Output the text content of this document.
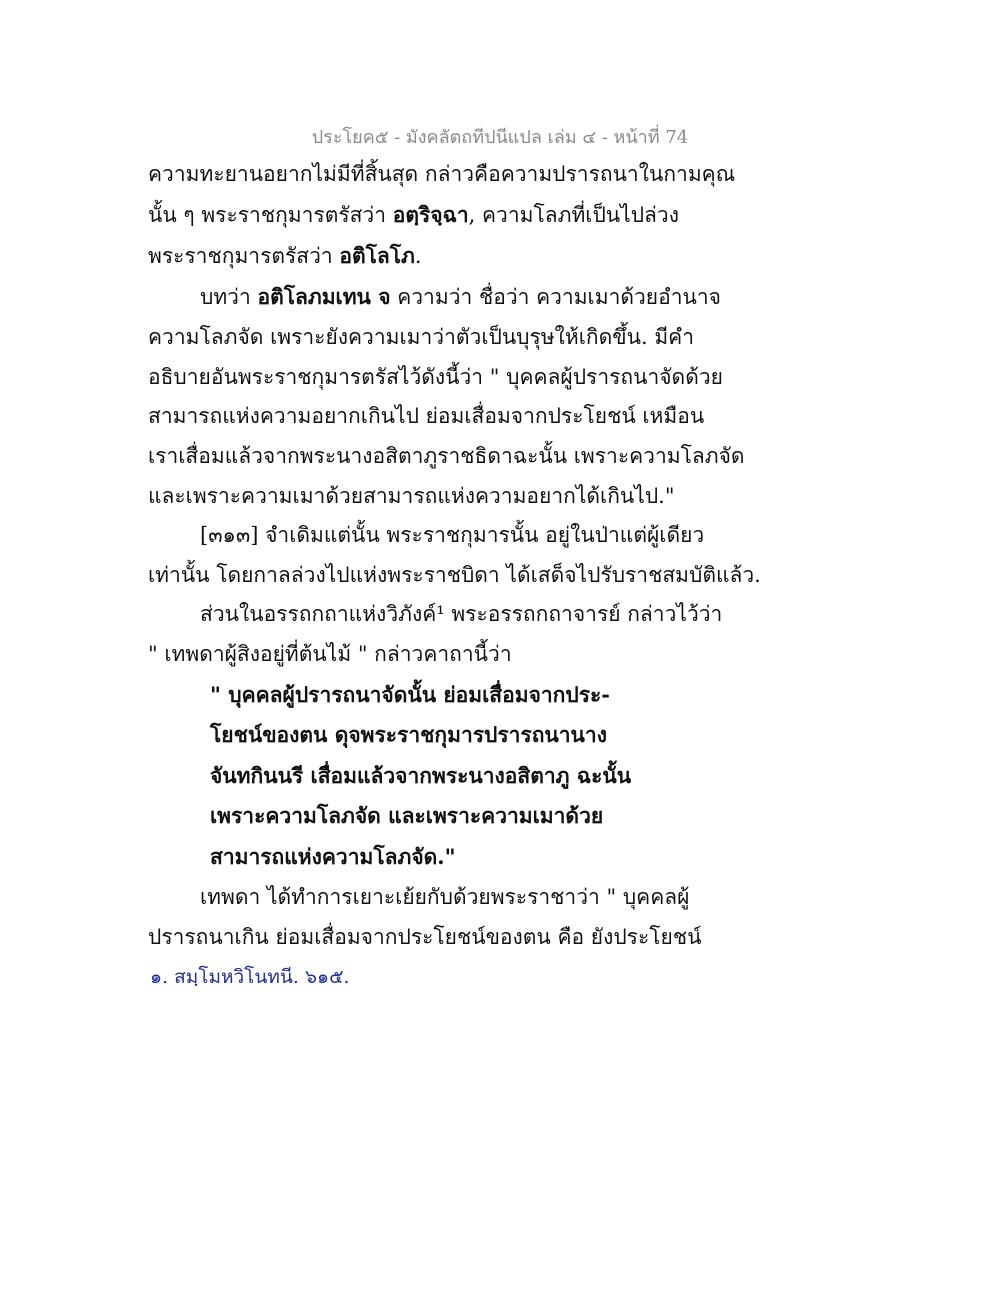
ประโยค๕ - มังคลัตถทีปนีแปล เล่ม ๔ - หน้าที่ 74
ความทะยานอยากไม่มีที่สิ้นสุด กล่าวคือความปรารถนาในกามคุณ
นั้น ๆ พระราชกุมารตรัสว่า อตฺริจฺฉา, ความโลภที่เป็นไปล่วง
พระราชกุมารตรัสว่า อติโลโภ.
บทว่า อติโลภมเทน จ ความว่า ชื่อว่า ความเมาด้วยอำนาจ
ความโลภจัด เพราะยังความเมาว่าตัวเป็นบุรุษให้เกิดขึ้น. มีคำ
อธิบายอันพระราชกุมารตรัสไว้ดังนี้ว่า " บุคคลผู้ปรารถนาจัดด้วย
สามารถแห่งความอยากเกินไป ย่อมเสื่อมจากประโยชน์ เหมือน
เราเสื่อมแล้วจากพระนางอสิตาภูราชธิดาฉะนั้น เพราะความโลภจัด
และเพราะความเมาด้วยสามารถแห่งความอยากได้เกินไป."
[๓๑๓] จำเดิมแต่นั้น พระราชกุมารนั้น อยู่ในป่าแต่ผู้เดียว
เท่านั้น โดยกาลล่วงไปแห่งพระราชบิดา ได้เสด็จไปรับราชสมบัติแล้ว.
ส่วนในอรรถกถาแห่งวิภังค์¹ พระอรรถกถาจารย์ กล่าวไว้ว่า
" เทพดาผู้สิงอยู่ที่ต้นไม้ " กล่าวคาถานี้ว่า
" บุคคลผู้ปรารถนาจัดนั้น ย่อมเสื่อมจากประ-
โยชน์ของตน ดุจพระราชกุมารปรารถนานาง
จันทกินนรี เสื่อมแล้วจากพระนางอสิตาภู ฉะนั้น
เพราะความโลภจัด และเพราะความเมาด้วย
สามารถแห่งความโลภจัด."
เทพดา ได้ทำการเยาะเย้ยกับด้วยพระราชาว่า " บุคคลผู้
ปรารถนาเกิน ย่อมเสื่อมจากประโยชน์ของตน คือ ยังประโยชน์
๑. สมฺโมหวิโนทนี. ๖๑๕.
